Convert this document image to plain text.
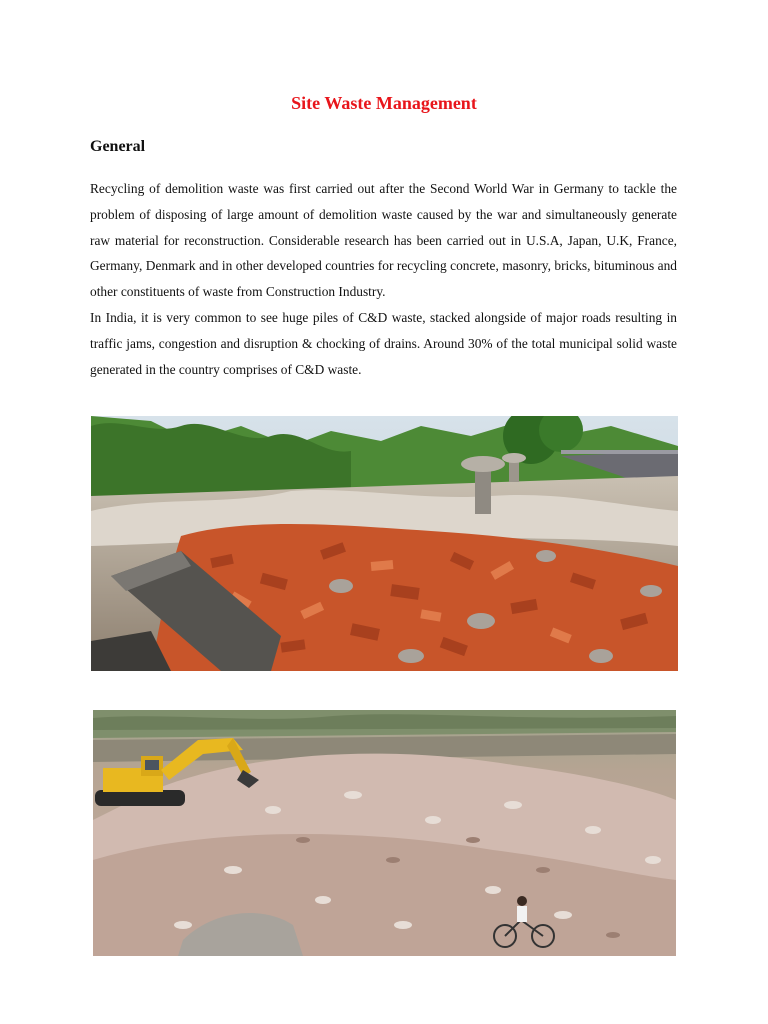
Site Waste Management
General

Recycling of demolition waste was first carried out after the Second World War in Germany to tackle the problem of disposing of large amount of demolition waste caused by the war and simultaneously generate raw material for reconstruction. Considerable research has been carried out in U.S.A, Japan, U.K, France, Germany, Denmark and in other developed countries for recycling concrete, masonry, bricks, bituminous and other constituents of waste from Construction Industry.

In India, it is very common to see huge piles of C&D waste, stacked alongside of major roads resulting in traffic jams, congestion and disruption & chocking of drains. Around 30% of the total municipal solid waste generated in the country comprises of C&D waste.
